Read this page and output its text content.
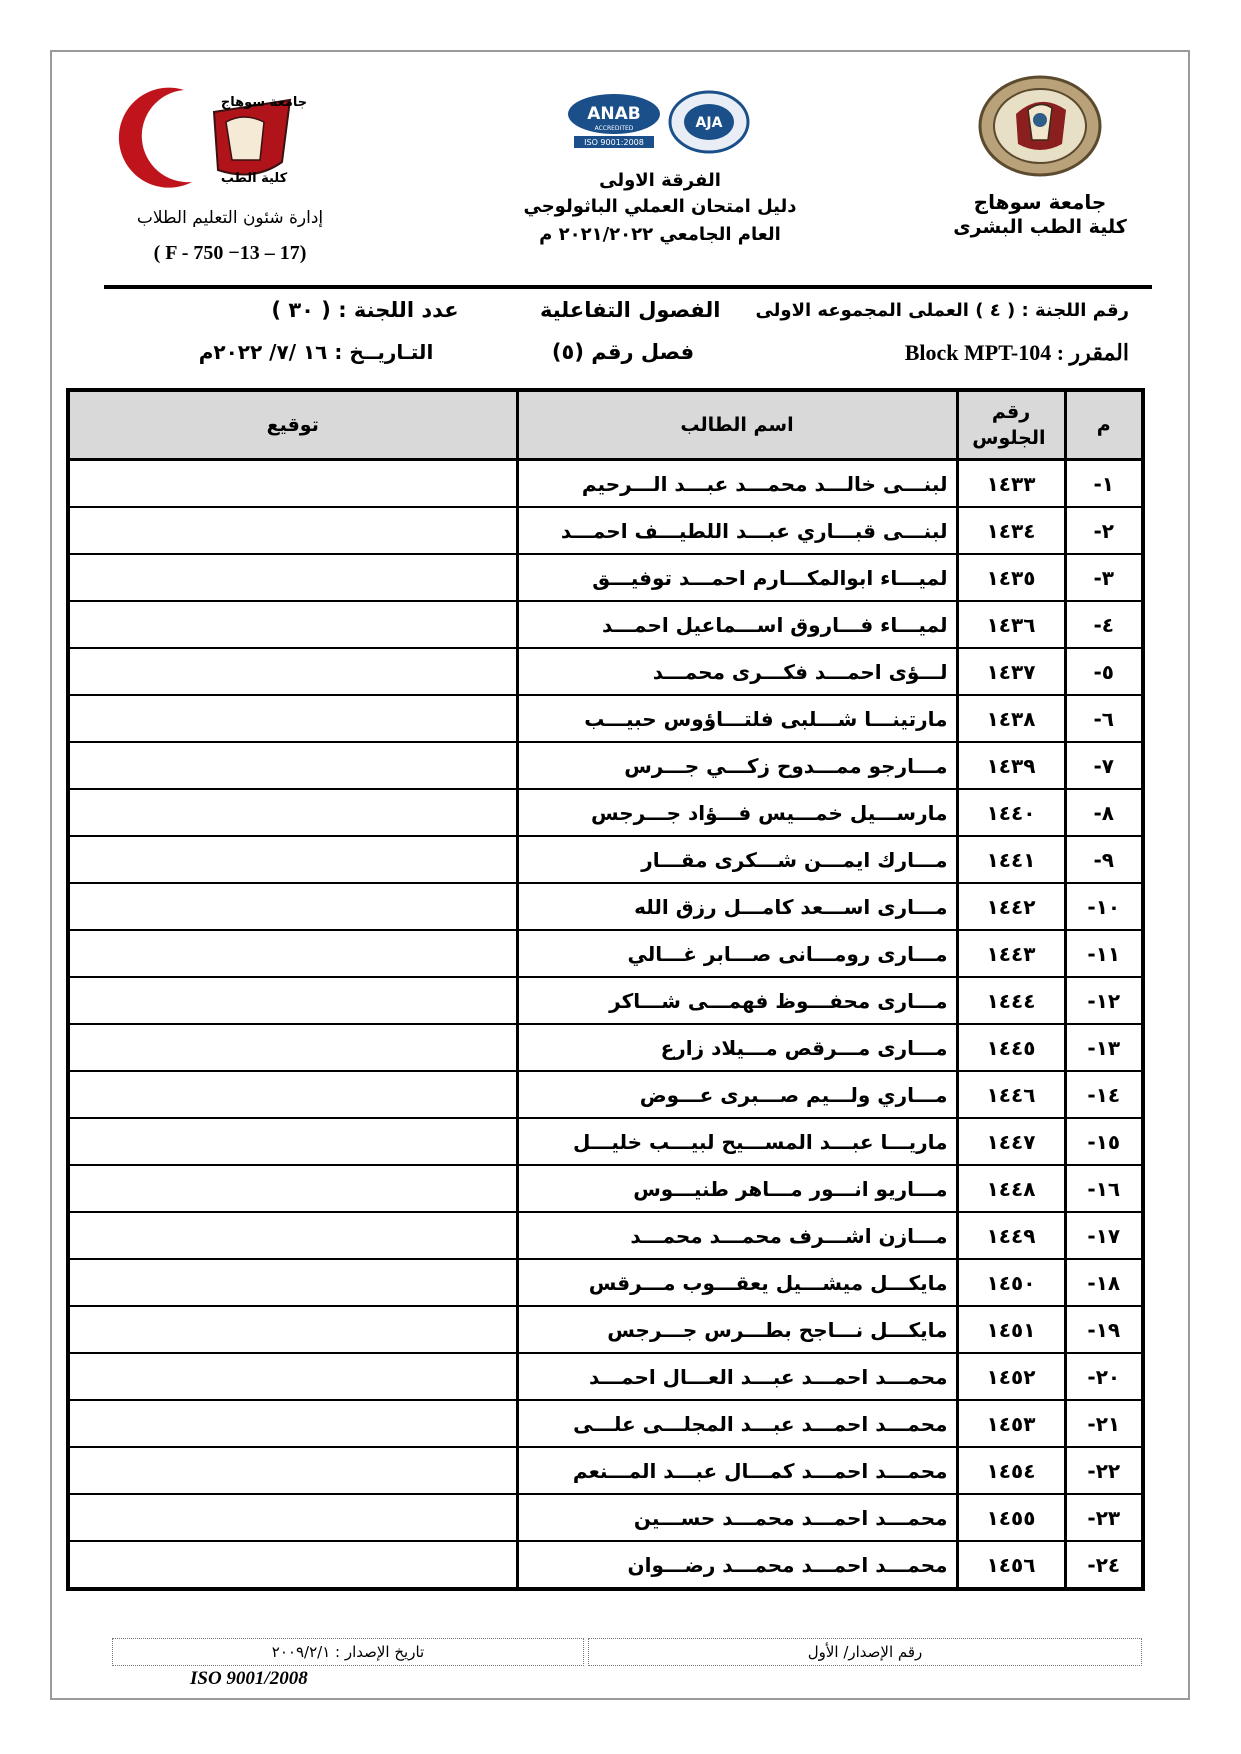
جامعة سوهاج
كلية الطب البشرى
ANAB
ACCREDITED
ISO 9001:2008
AJA
الفرقة الاولى
دليل امتحان العملي الباثولوجي
العام الجامعي ٢٠٢١/٢٠٢٢ م
جامعة سوهاج
كلية الطب
إدارة شئون التعليم الطلاب
( F - 750 −13 – 17)
رقم اللجنة : ( ٤ ) العملى المجموعه الاولى
الفصول التفاعلية
عدد اللجنة : ( ٣٠ )
المقرر : Block MPT-104
فصل رقم (٥)
التـاريــخ : ١٦ /٧/ ٢٠٢٢م
م	رقم الجلوس	اسم الطالب	توقيع
١-	١٤٣٣	لبنـــى خالـــد محمـــد عبـــد الـــرحيم	
٢-	١٤٣٤	لبنـــى قبـــاري عبـــد اللطيـــف احمـــد	
٣-	١٤٣٥	لميـــاء ابوالمكـــارم احمـــد توفيـــق	
٤-	١٤٣٦	لميـــاء فـــاروق اســـماعيل احمـــد	
٥-	١٤٣٧	لـــؤى احمـــد فكـــرى محمـــد	
٦-	١٤٣٨	مارتينـــا شـــلبى فلتـــاؤوس حبيـــب	
٧-	١٤٣٩	مـــارجو ممـــدوح زكـــي جـــرس	
٨-	١٤٤٠	مارســـيل خمـــيس فـــؤاد جـــرجس	
٩-	١٤٤١	مـــارك ايمـــن شـــكرى مقـــار	
١٠-	١٤٤٢	مـــارى اســـعد كامـــل رزق الله	
١١-	١٤٤٣	مـــارى رومـــانى صـــابر غـــالي	
١٢-	١٤٤٤	مـــارى محفـــوظ فهمـــى شـــاكر	
١٣-	١٤٤٥	مـــارى مـــرقص مـــيلاد زارع	
١٤-	١٤٤٦	مـــاري ولـــيم صـــبرى عـــوض	
١٥-	١٤٤٧	ماريـــا عبـــد المســـيح لبيـــب خليـــل	
١٦-	١٤٤٨	مـــاريو انـــور مـــاهر طنيـــوس	
١٧-	١٤٤٩	مـــازن اشـــرف محمـــد محمـــد	
١٨-	١٤٥٠	مايكـــل ميشـــيل يعقـــوب مـــرقس	
١٩-	١٤٥١	مايكـــل نـــاجح بطـــرس جـــرجس	
٢٠-	١٤٥٢	محمـــد احمـــد عبـــد العـــال احمـــد	
٢١-	١٤٥٣	محمـــد احمـــد عبـــد المجلـــى علـــى	
٢٢-	١٤٥٤	محمـــد احمـــد كمـــال عبـــد المـــنعم	
٢٣-	١٤٥٥	محمـــد احمـــد محمـــد حســـين	
٢٤-	١٤٥٦	محمـــد احمـــد محمـــد رضـــوان	
رقم الإصدار/ الأول
تاريخ الإصدار : ٢٠٠٩/٢/١
ISO 9001/2008
